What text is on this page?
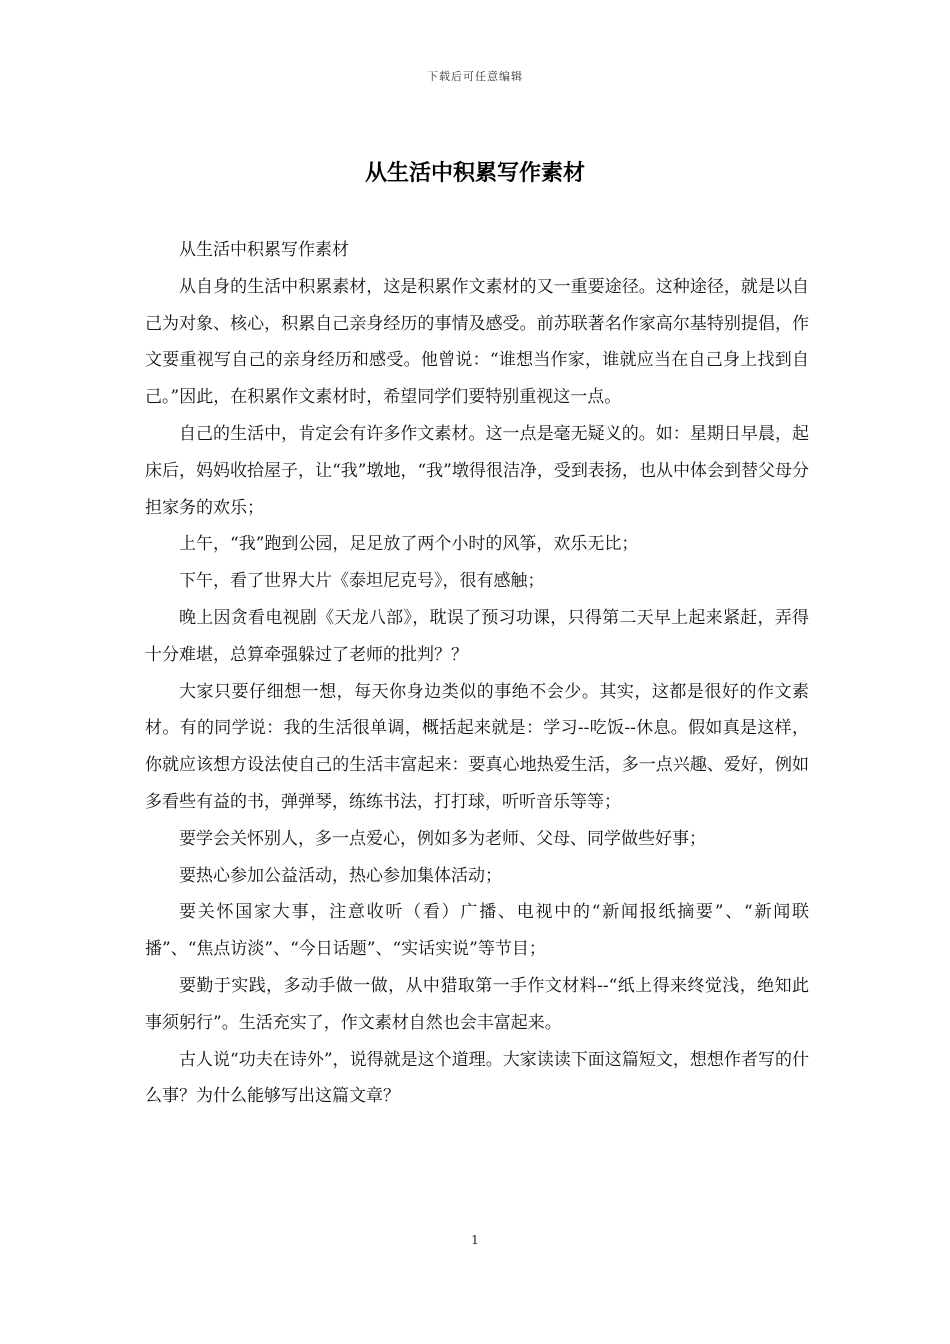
下载后可任意编辑
从生活中积累写作素材

从生活中积累写作素材

从自身的生活中积累素材，这是积累作文素材的又一重要途径。这种途径，就是以自己为对象、核心，积累自己亲身经历的事情及感受。前苏联著名作家高尔基特别提倡，作文要重视写自己的亲身经历和感受。他曾说：“谁想当作家，谁就应当在自己身上找到自己。”因此，在积累作文素材时，希望同学们要特别重视这一点。

自己的生活中，肯定会有许多作文素材。这一点是毫无疑义的。如：星期日早晨，起床后，妈妈收拾屋子，让“我”墩地，“我”墩得很洁净，受到表扬，也从中体会到替父母分担家务的欢乐；

上午，“我”跑到公园，足足放了两个小时的风筝，欢乐无比；

下午，看了世界大片《泰坦尼克号》，很有感触；

晚上因贪看电视剧《天龙八部》，耽误了预习功课，只得第二天早上起来紧赶，弄得十分难堪，总算牵强躲过了老师的批判？？

大家只要仔细想一想，每天你身边类似的事绝不会少。其实，这都是很好的作文素材。有的同学说：我的生活很单调，概括起来就是：学习--吃饭--休息。假如真是这样，你就应该想方设法使自己的生活丰富起来：要真心地热爱生活，多一点兴趣、爱好，例如多看些有益的书，弹弹琴，练练书法，打打球，听听音乐等等；

要学会关怀别人，多一点爱心，例如多为老师、父母、同学做些好事；

要热心参加公益活动，热心参加集体活动；

要关怀国家大事，注意收听（看）广播、电视中的“新闻报纸摘要”、“新闻联播”、“焦点访淡”、“今日话题”、“实话实说”等节目；

要勤于实践，多动手做一做，从中猎取第一手作文材料--“纸上得来终觉浅，绝知此事须躬行”。生活充实了，作文素材自然也会丰富起来。

古人说“功夫在诗外”，说得就是这个道理。大家读读下面这篇短文，想想作者写的什么事？为什么能够写出这篇文章？

1
